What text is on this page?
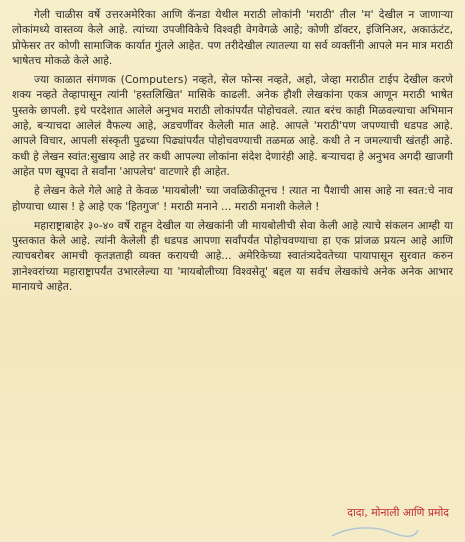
गेली चाळीस वर्षे उत्तरअमेरिका आणि कॅनडा येथील मराठी लोकांनी 'मराठी' तील 'म' देखील न जाणाऱ्या लोकांमध्ये वास्तव्य केले आहे. त्यांच्या उपजीविकेचे विश्वही वेगवेगळे आहे; कोणी डॉक्टर, इंजिनिअर, अकाऊंटंट, प्रोफेसर तर कोणी सामाजिक कार्यात गुंतले आहेत. पण तरीदेखील त्यातल्या या सर्व व्यक्तींनी आपले मन मात्र मराठी भाषेतच मोकळे केले आहे.

ज्या काळात संगणक (Computers) नव्हते, सेल फोन्स नव्हते, अहो, जेव्हा मराठीत टाईप देखील करणे शक्य नव्हते तेव्हापासून त्यांनी 'हस्तलिखित' मासिके काढली. अनेक हौशी लेखकांना एकत्र आणून मराठी भाषेत पुस्तके छापली. इथे परदेशात आलेले अनुभव मराठी लोकांपर्यंत पोहोचवले. त्यात बरंच काही मिळवल्याचा अभिमान आहे, बऱ्याचदा आलेलं वैफल्य आहे, अडचणींवर केलेली मात आहे. आपले 'मराठी'पण जपण्याची धडपड आहे. आपले विचार, आपली संस्कृती पुढच्या पिढ्यांपर्यंत पोहोचवण्याची तळमळ आहे. कधी ते न जमल्याची खंतही आहे. कधी हे लेखन स्वांत:सुखाय आहे तर कधी आपल्या लोकांना संदेश देणारंही आहे. बऱ्याचदा हे अनुभव अगदी खाजगी आहेत पण खूपदा ते सर्वांना 'आपलेच' वाटणारे ही आहेत.

हे लेखन केले गेले आहे ते केवळ 'मायबोली' च्या जवळिकीतूनच ! त्यात ना पैशाची आस आहे ना स्वत:चे नाव होण्याचा ध्यास ! हे आहे एक 'हितगुज' ! मराठी मनाने ... मराठी मनाशी केलेले !

महाराष्ट्राबाहेर ३०-४० वर्षे राहून देखील या लेखकांनी जी मायबोलीची सेवा केली आहे त्याचे संकलन आम्ही या पुस्तकात केले आहे. त्यांनी केलेली ही धडपड आपणा सर्वांपर्यंत पोहोचवण्याचा हा एक प्रांजळ प्रयत्न आहे आणि त्याचबरोबर आमची कृतज्ञताही व्यक्त करायची आहे... अमेरिकेच्या स्वातंत्र्यदेवतेच्या पायापासून सुरवात करुन ज्ञानेश्वरांच्या महाराष्ट्रापर्यंत उभारलेल्या या 'मायबोलीच्या विश्वसेतू' बद्दल या सर्वच लेखकांचे अनेक अनेक आभार मानायचे आहेत.

दादा, मोनाली आणि प्रमोद
